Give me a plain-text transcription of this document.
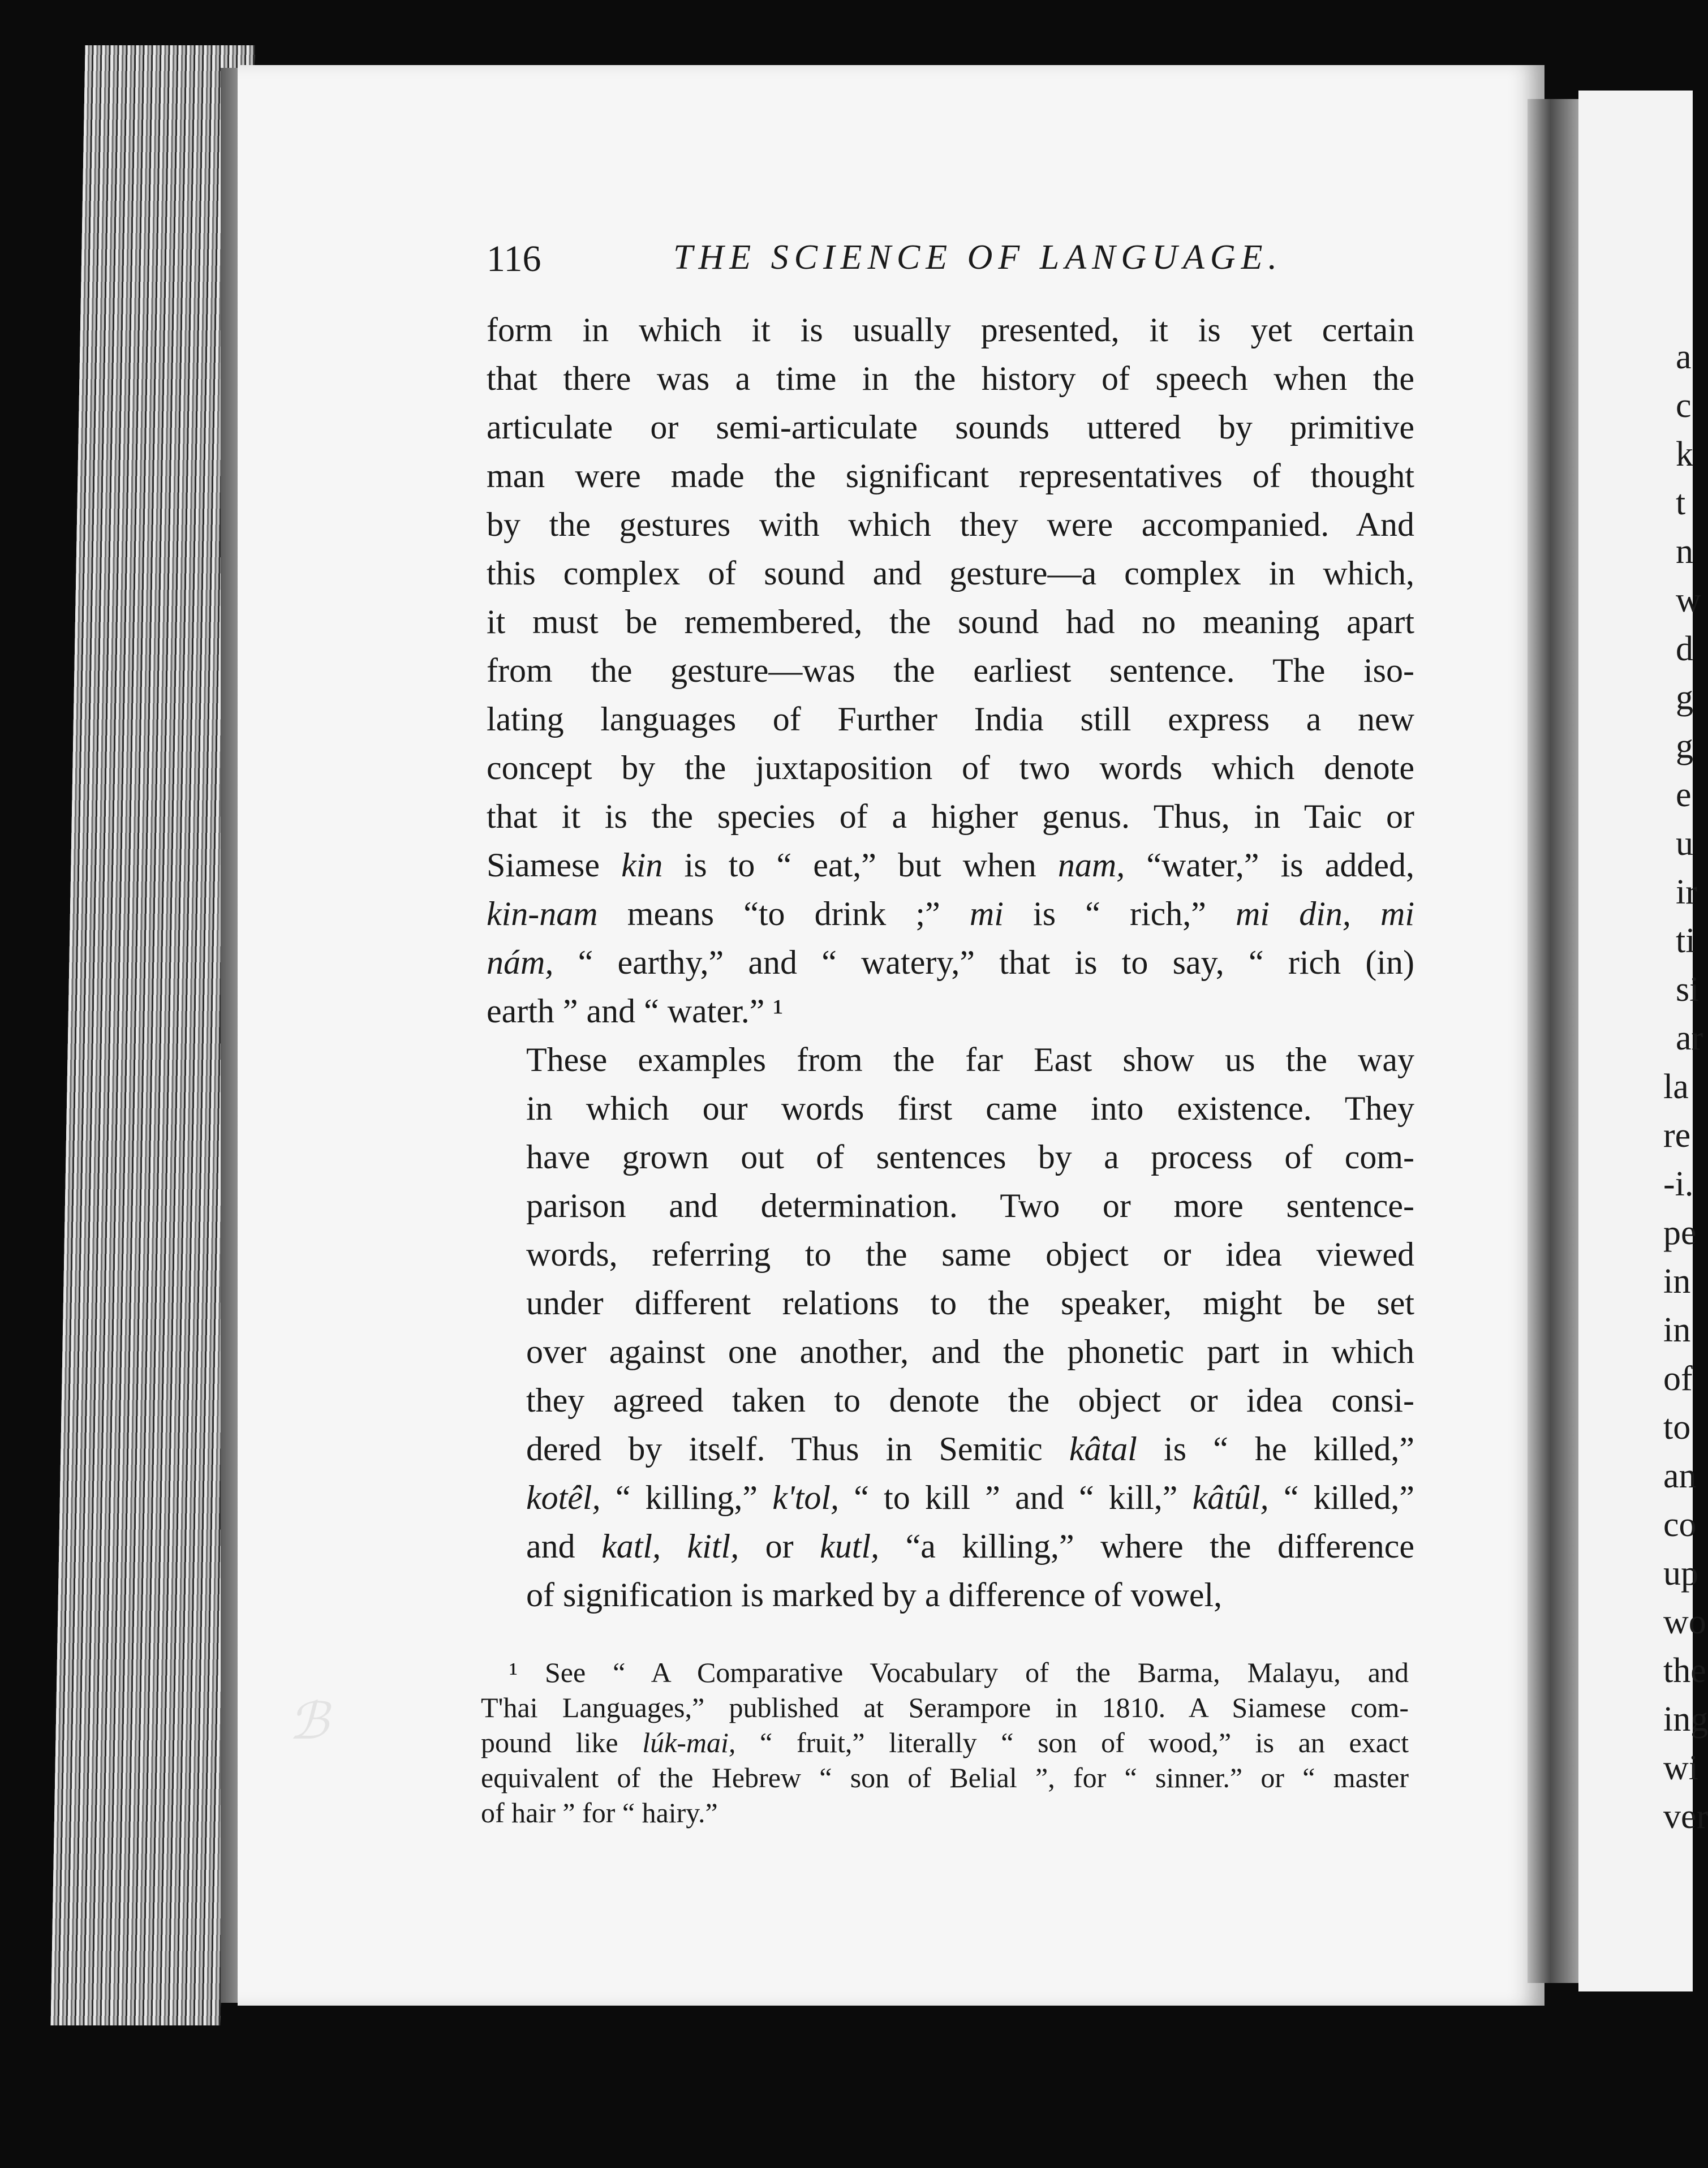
a
c
k
t
n
w
d
g
g
e
u
ir
ti
si
ar
la
re
-i.
pe
in
in
of
to
an
co
up
wo
the
ing
wi
ver
ℬ
116	THE SCIENCE OF LANGUAGE.

form in which it is usually presented, it is yet certain
that there was a time in the history of speech when the
articulate or semi-articulate sounds uttered by primitive
man were made the significant representatives of thought
by the gestures with which they were accompanied. And
this complex of sound and gesture—a complex in which,
it must be remembered, the sound had no meaning apart
from the gesture—was the earliest sentence. The iso-
lating languages of Further India still express a new
concept by the juxtaposition of two words which denote
that it is the species of a higher genus. Thus, in Taic or
Siamese kin is to “ eat,” but when nam, “water,” is added,
kin-nam means “to drink ;” mi is “ rich,” mi din, mi
nám, “ earthy,” and “ watery,” that is to say, “ rich (in)
earth ” and “ water.” ¹

These examples from the far East show us the way
in which our words first came into existence. They
have grown out of sentences by a process of com-
parison and determination. Two or more sentence-
words, referring to the same object or idea viewed
under different relations to the speaker, might be set
over against one another, and the phonetic part in which
they agreed taken to denote the object or idea consi-
dered by itself. Thus in Semitic kâtal is “ he killed,”
kotêl, “ killing,” k'tol, “ to kill ” and “ kill,” kâtûl, “ killed,”
and katl, kitl, or kutl, “a killing,” where the difference
of signification is marked by a difference of vowel,

¹ See “ A Comparative Vocabulary of the Barma, Malayu, and
T'hai Languages,” published at Serampore in 1810. A Siamese com-
pound like lúk-mai, “ fruit,” literally “ son of wood,” is an exact
equivalent of the Hebrew “ son of Belial ”, for “ sinner.” or “ master
of hair ” for “ hairy.”
